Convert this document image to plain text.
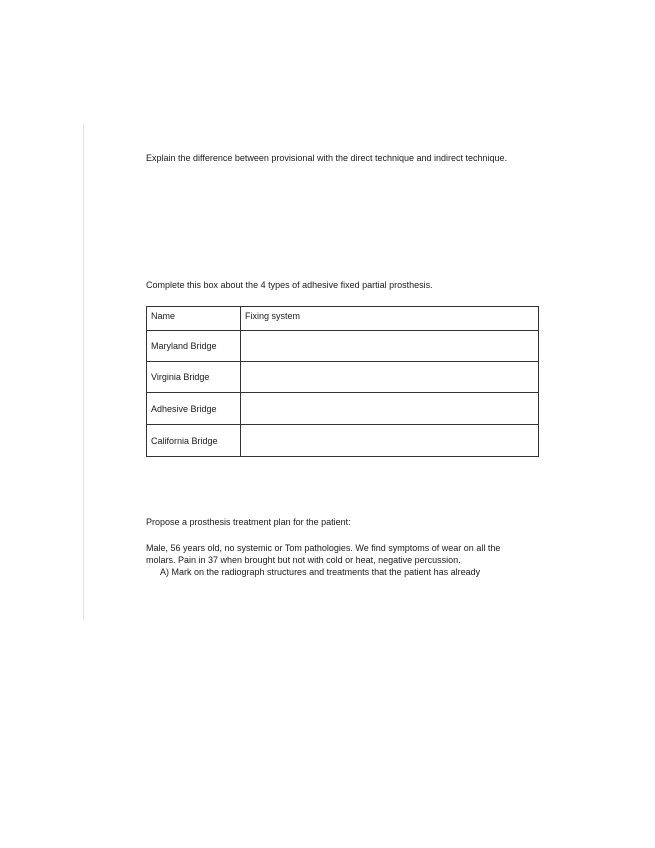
Explain the difference between provisional with the direct technique and indirect technique.
Complete this box about the 4 types of adhesive fixed partial prosthesis.
Name	Fixing system
Maryland Bridge	
Virginia Bridge	
Adhesive Bridge	
California Bridge	
Propose a prosthesis treatment plan for the patient:
Male, 56 years old, no systemic or Tom pathologies. We find symptoms of wear on all the
molars. Pain in 37 when brought but not with cold or heat, negative percussion.
A) Mark on the radiograph structures and treatments that the patient has already
